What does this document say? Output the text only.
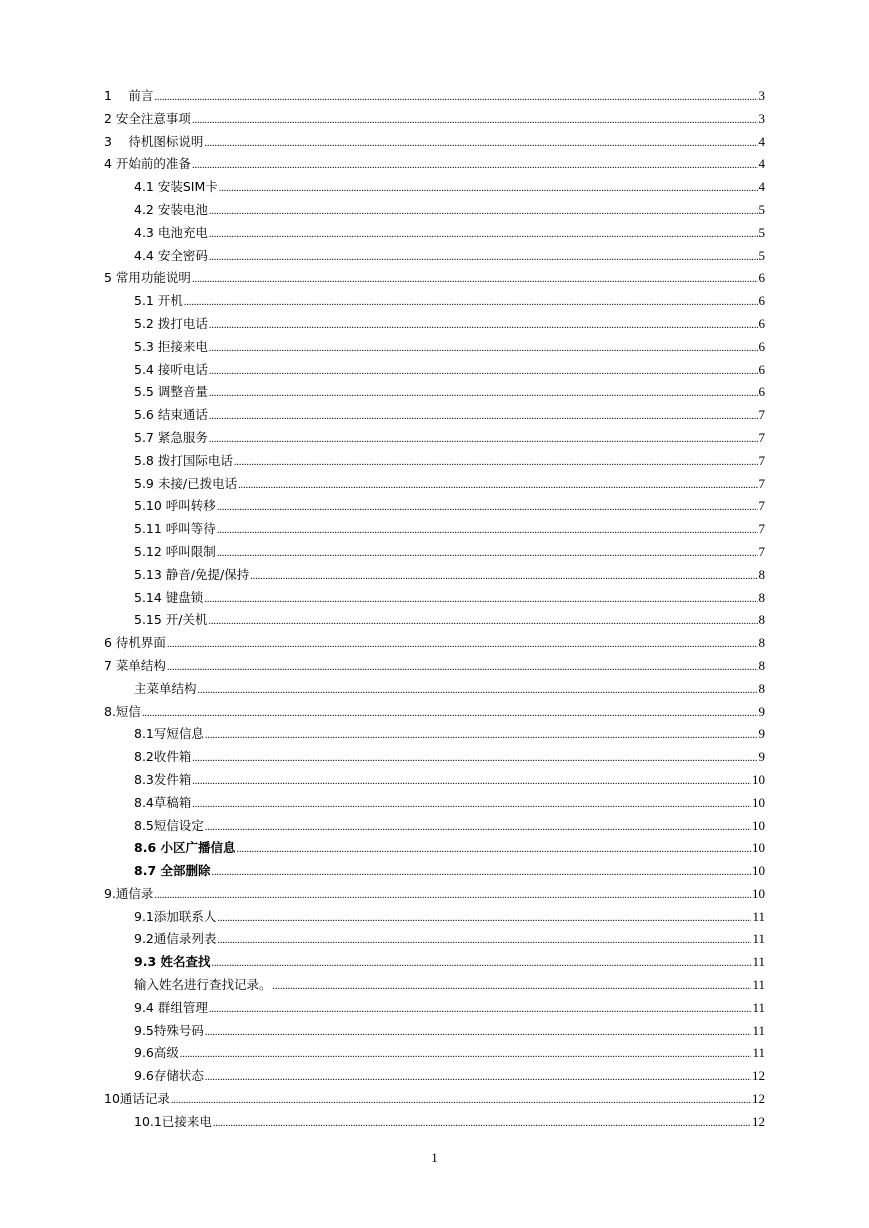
1　 前言 .....	3
2 安全注意事项 .....	3
3　 待机图标说明 .....	4
4 开始前的准备 .....	4
4.1 安装SIM卡 .....	4
4.2 安装电池 .....	5
4.3 电池充电 .....	5
4.4 安全密码 .....	5
5 常用功能说明 .....	6
5.1 开机 .....	6
5.2 拨打电话 .....	6
5.3 拒接来电 .....	6
5.4 接听电话 .....	6
5.5 调整音量 .....	6
5.6 结束通话 .....	7
5.7 紧急服务 .....	7
5.8 拨打国际电话 .....	7
5.9 未接/已拨电话 .....	7
5.10 呼叫转移 .....	7
5.11 呼叫等待 .....	7
5.12 呼叫限制 .....	7
5.13 静音/免提/保持 .....	8
5.14 键盘锁 .....	8
5.15 开/关机 .....	8
6 待机界面 .....	8
7 菜单结构 .....	8
主菜单结构 .....	8
8.短信 .....	9
8.1写短信息 .....	9
8.2收件箱 .....	9
8.3发件箱 .....	10
8.4草稿箱 .....	10
8.5短信设定 .....	10
8.6 小区广播信息 .....	10
8.7 全部删除 .....	10
9.通信录 .....	10
9.1添加联系人 .....	11
9.2通信录列表 .....	11
9.3 姓名查找 .....	11
输入姓名进行查找记录。 .....	11
9.4 群组管理 .....	11
9.5特殊号码 .....	11
9.6高级 .....	11
9.6存储状态 .....	12
10通话记录 .....	12
10.1已接来电 .....	12
1
